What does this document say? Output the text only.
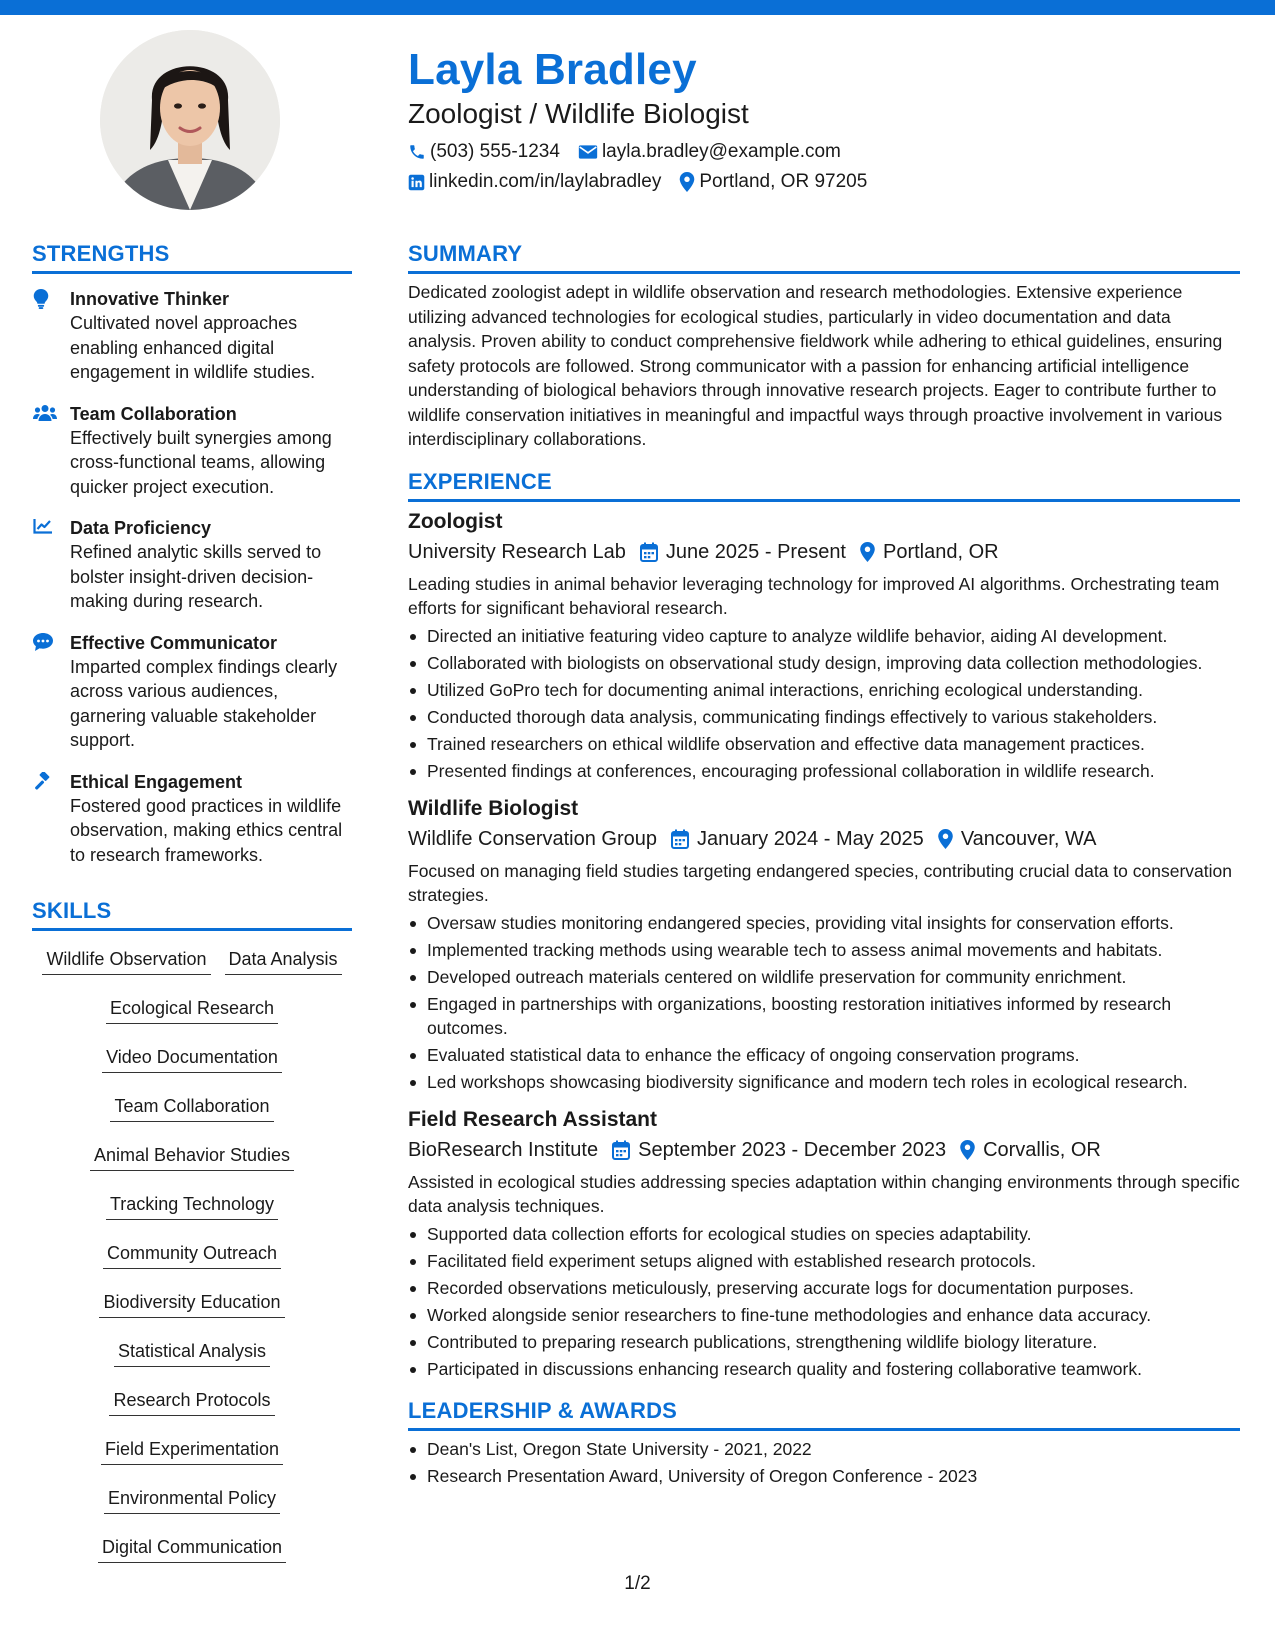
Layla Bradley
Zoologist / Wildlife Biologist
(503) 555-1234 layla.bradley@example.com
linkedin.com/in/laylabradley Portland, OR 97205
STRENGTHS
Innovative Thinker
Cultivated novel approaches enabling enhanced digital engagement in wildlife studies.
Team Collaboration
Effectively built synergies among cross-functional teams, allowing quicker project execution.
Data Proficiency
Refined analytic skills served to bolster insight-driven decision-making during research.
Effective Communicator
Imparted complex findings clearly across various audiences, garnering valuable stakeholder support.
Ethical Engagement
Fostered good practices in wildlife observation, making ethics central to research frameworks.
SKILLS
Wildlife Observation Data Analysis
Ecological Research
Video Documentation
Team Collaboration
Animal Behavior Studies
Tracking Technology
Community Outreach
Biodiversity Education
Statistical Analysis
Research Protocols
Field Experimentation
Environmental Policy
Digital Communication
SUMMARY
Dedicated zoologist adept in wildlife observation and research methodologies. Extensive experience utilizing advanced technologies for ecological studies, particularly in video documentation and data analysis. Proven ability to conduct comprehensive fieldwork while adhering to ethical guidelines, ensuring safety protocols are followed. Strong communicator with a passion for enhancing artificial intelligence understanding of biological behaviors through innovative research projects. Eager to contribute further to wildlife conservation initiatives in meaningful and impactful ways through proactive involvement in various interdisciplinary collaborations.
EXPERIENCE
Zoologist
University Research Lab June 2025 - Present Portland, OR
Leading studies in animal behavior leveraging technology for improved AI algorithms. Orchestrating team efforts for significant behavioral research.
Directed an initiative featuring video capture to analyze wildlife behavior, aiding AI development.
Collaborated with biologists on observational study design, improving data collection methodologies.
Utilized GoPro tech for documenting animal interactions, enriching ecological understanding.
Conducted thorough data analysis, communicating findings effectively to various stakeholders.
Trained researchers on ethical wildlife observation and effective data management practices.
Presented findings at conferences, encouraging professional collaboration in wildlife research.
Wildlife Biologist
Wildlife Conservation Group January 2024 - May 2025 Vancouver, WA
Focused on managing field studies targeting endangered species, contributing crucial data to conservation strategies.
Oversaw studies monitoring endangered species, providing vital insights for conservation efforts.
Implemented tracking methods using wearable tech to assess animal movements and habitats.
Developed outreach materials centered on wildlife preservation for community enrichment.
Engaged in partnerships with organizations, boosting restoration initiatives informed by research outcomes.
Evaluated statistical data to enhance the efficacy of ongoing conservation programs.
Led workshops showcasing biodiversity significance and modern tech roles in ecological research.
Field Research Assistant
BioResearch Institute September 2023 - December 2023 Corvallis, OR
Assisted in ecological studies addressing species adaptation within changing environments through specific data analysis techniques.
Supported data collection efforts for ecological studies on species adaptability.
Facilitated field experiment setups aligned with established research protocols.
Recorded observations meticulously, preserving accurate logs for documentation purposes.
Worked alongside senior researchers to fine-tune methodologies and enhance data accuracy.
Contributed to preparing research publications, strengthening wildlife biology literature.
Participated in discussions enhancing research quality and fostering collaborative teamwork.
LEADERSHIP & AWARDS
Dean's List, Oregon State University - 2021, 2022
Research Presentation Award, University of Oregon Conference - 2023
1/2
